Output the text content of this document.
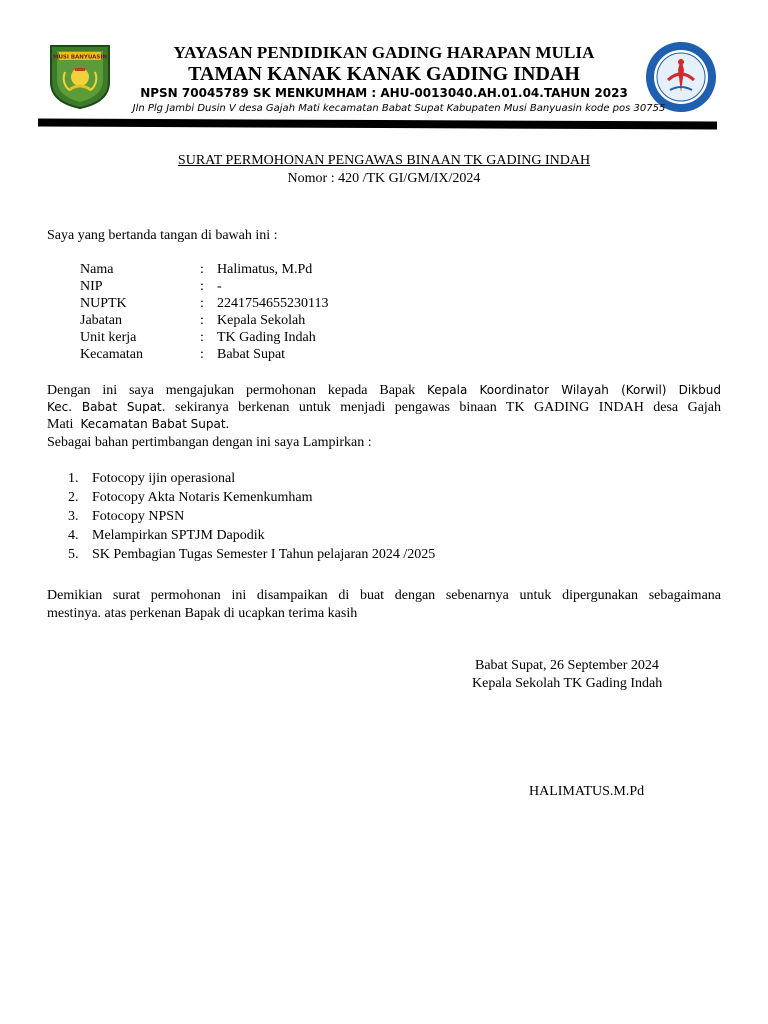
MUSI BANYUASIN	YAYASAN PENDIDIKAN GADING HARAPAN MULIA
TAMAN KANAK KANAK GADING INDAH
NPSN 70045789 SK MENKUMHAM : AHU-0013040.AH.01.04.TAHUN 2023
Jln Plg Jambi Dusin V desa Gajah Mati kecamatan Babat Supat Kabupaten Musi Banyuasin kode pos 30755
SURAT PERMOHONAN PENGAWAS BINAAN TK GADING INDAH
Nomor : 420 /TK GI/GM/IX/2024
Saya yang bertanda tangan di bawah ini :
Nama	: Halimatus, M.Pd
NIP	: -
NUPTK	: 2241754655230113
Jabatan	: Kepala Sekolah
Unit kerja	: TK Gading Indah
Kecamatan	: Babat Supat
Dengan ini saya mengajukan permohonan kepada Bapak Kepala Koordinator Wilayah (Korwil) Dikbud
Kec. Babat Supat. sekiranya berkenan untuk menjadi pengawas binaan TK GADING INDAH desa Gajah
Mati Kecamatan Babat Supat.
Sebagai bahan pertimbangan dengan ini saya Lampirkan :
1. Fotocopy ijin operasional
2. Fotocopy Akta Notaris Kemenkumham
3. Fotocopy NPSN
4. Melampirkan SPTJM Dapodik
5. SK Pembagian Tugas Semester I Tahun pelajaran 2024 /2025
Demikian surat permohonan ini disampaikan di buat dengan sebenarnya untuk dipergunakan sebagaimana
mestinya. atas perkenan Bapak di ucapkan terima kasih
Babat Supat, 26 September 2024
Kepala Sekolah TK Gading Indah
HALIMATUS.M.Pd
